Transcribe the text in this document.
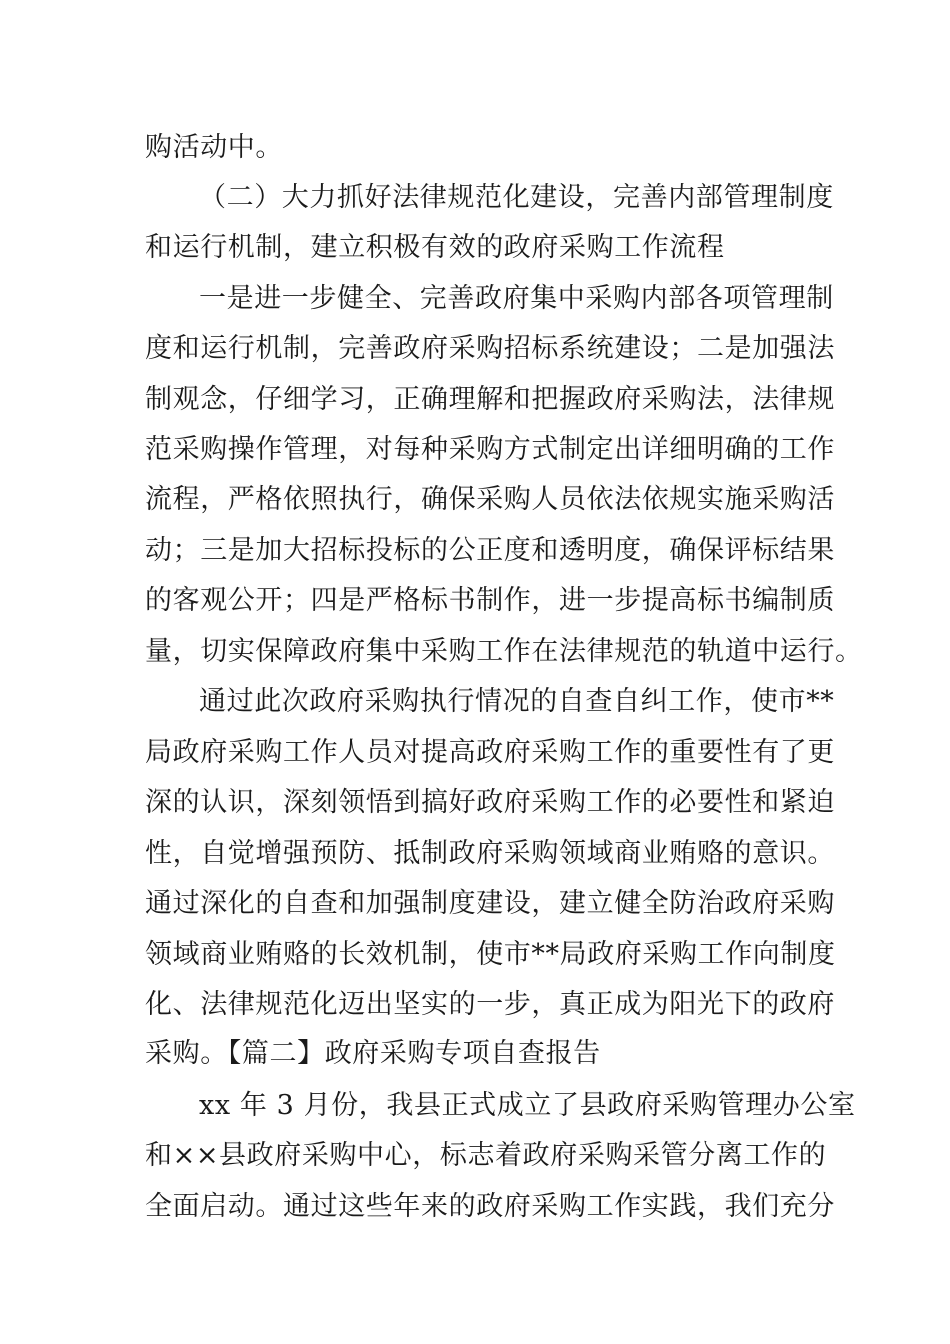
购活动中。
（二）大力抓好法律规范化建设，完善内部管理制度
和运行机制，建立积极有效的政府采购工作流程
一是进一步健全、完善政府集中采购内部各项管理制
度和运行机制，完善政府采购招标系统建设；二是加强法
制观念，仔细学习，正确理解和把握政府采购法，法律规
范采购操作管理，对每种采购方式制定出详细明确的工作
流程，严格依照执行，确保采购人员依法依规实施采购活
动；三是加大招标投标的公正度和透明度，确保评标结果
的客观公开；四是严格标书制作，进一步提高标书编制质
量，切实保障政府集中采购工作在法律规范的轨道中运行。
通过此次政府采购执行情况的自查自纠工作，使市**
局政府采购工作人员对提高政府采购工作的重要性有了更
深的认识，深刻领悟到搞好政府采购工作的必要性和紧迫
性，自觉增强预防、抵制政府采购领域商业贿赂的意识。
通过深化的自查和加强制度建设，建立健全防治政府采购
领域商业贿赂的长效机制，使市**局政府采购工作向制度
化、法律规范化迈出坚实的一步，真正成为阳光下的政府
采购。【篇二】政府采购专项自查报告
xx 年 3 月份，我县正式成立了县政府采购管理办公室
和××县政府采购中心，标志着政府采购采管分离工作的
全面启动。通过这些年来的政府采购工作实践，我们充分
